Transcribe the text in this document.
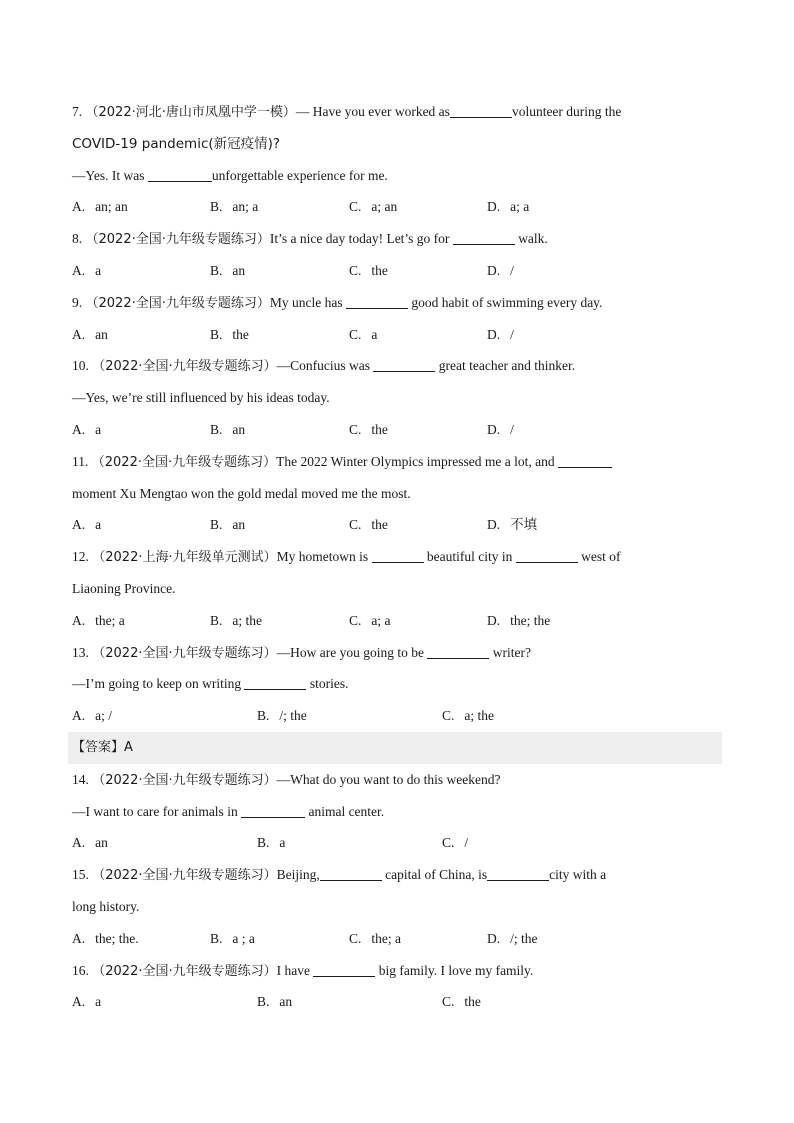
7. （2022·河北·唐山市凤凰中学一模）— Have you ever worked as	volunteer during the
COVID-19 pandemic(新冠疫情)?
—Yes. It was	unforgettable experience for me.
A. an; an	B. an; a	C. a; an	D. a; a
8. （2022·全国·九年级专题练习）It’s a nice day today! Let’s go for	walk.
A. a	B. an	C. the	D. /
9. （2022·全国·九年级专题练习）My uncle has	good habit of swimming every day.
A. an	B. the	C. a	D. /
10. （2022·全国·九年级专题练习）—Confucius was	great teacher and thinker.
—Yes, we’re still influenced by his ideas today.
A. a	B. an	C. the	D. /
11. （2022·全国·九年级专题练习）The 2022 Winter Olympics impressed me a lot, and
moment Xu Mengtao won the gold medal moved me the most.
A. a	B. an	C. the	D. 不填
12. （2022·上海·九年级单元测试）My hometown is	beautiful city in	west of
Liaoning Province.
A. the; a	B. a; the	C. a; a	D. the; the
13. （2022·全国·九年级专题练习）—How are you going to be	writer?
—I’m going to keep on writing	stories.
A. a; /	B. /; the	C. a; the
【答案】A
14. （2022·全国·九年级专题练习）—What do you want to do this weekend?
—I want to care for animals in	animal center.
A. an	B. a	C. /
15. （2022·全国·九年级专题练习）Beijing,	capital of China, is	city with a
long history.
A. the; the.	B. a ; a	C. the; a	D. /; the
16. （2022·全国·九年级专题练习）I have	big family. I love my family.
A. a	B. an	C. the
